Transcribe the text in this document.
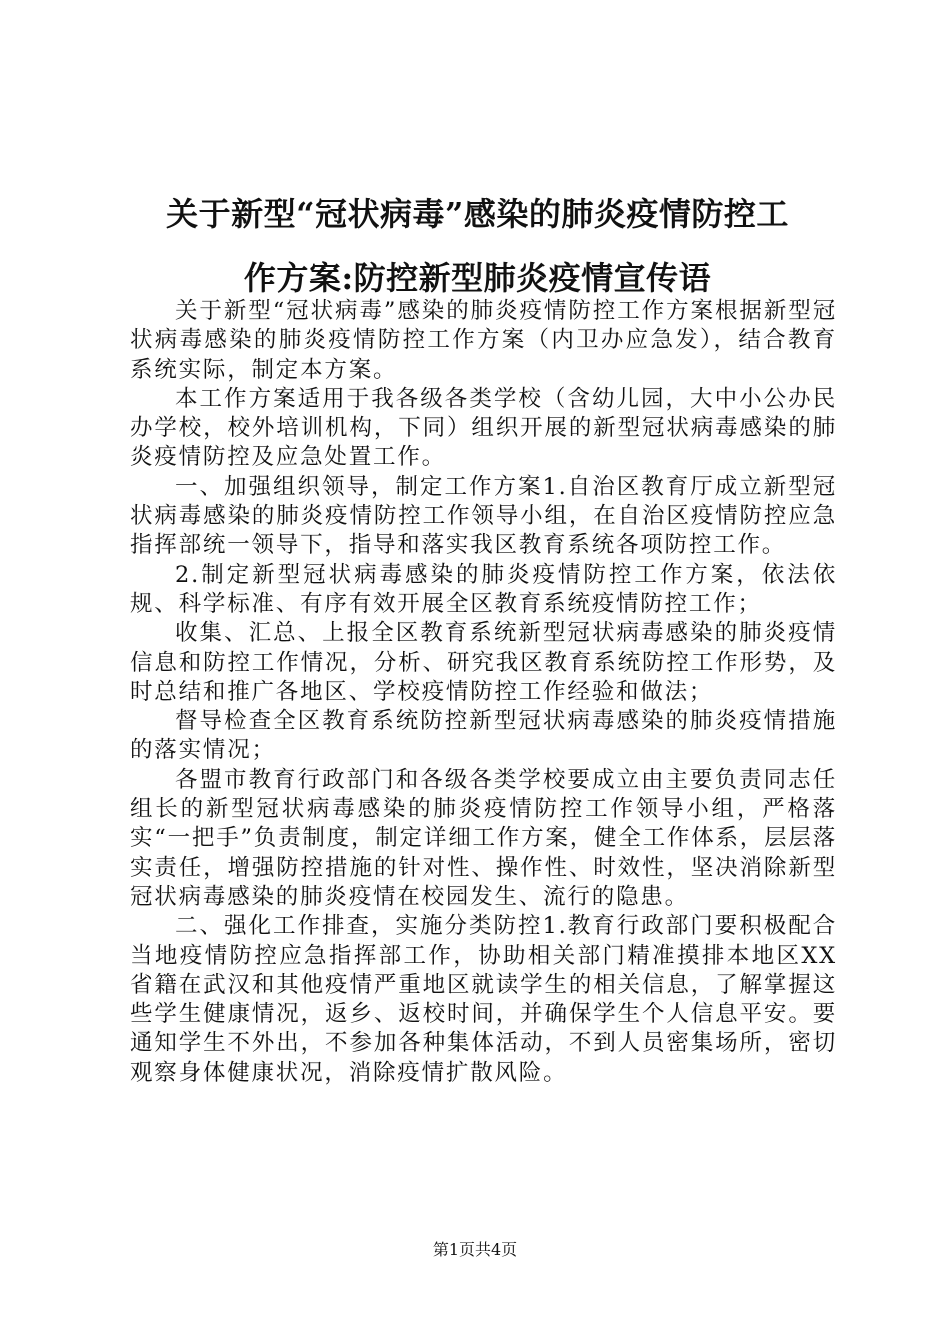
关于新型“冠状病毒”感染的肺炎疫情防控工
作方案:防控新型肺炎疫情宣传语

关于新型“冠状病毒”感染的肺炎疫情防控工作方案根据新型冠状病毒感染的肺炎疫情防控工作方案（内卫办应急发），结合教育系统实际，制定本方案。

本工作方案适用于我各级各类学校（含幼儿园，大中小公办民办学校，校外培训机构，下同）组织开展的新型冠状病毒感染的肺炎疫情防控及应急处置工作。

一、加强组织领导，制定工作方案1.自治区教育厅成立新型冠状病毒感染的肺炎疫情防控工作领导小组，在自治区疫情防控应急指挥部统一领导下，指导和落实我区教育系统各项防控工作。

2.制定新型冠状病毒感染的肺炎疫情防控工作方案，依法依规、科学标准、有序有效开展全区教育系统疫情防控工作；

收集、汇总、上报全区教育系统新型冠状病毒感染的肺炎疫情信息和防控工作情况，分析、研究我区教育系统防控工作形势，及时总结和推广各地区、学校疫情防控工作经验和做法；

督导检查全区教育系统防控新型冠状病毒感染的肺炎疫情措施的落实情况；

各盟市教育行政部门和各级各类学校要成立由主要负责同志任组长的新型冠状病毒感染的肺炎疫情防控工作领导小组，严格落实“一把手”负责制度，制定详细工作方案，健全工作体系，层层落实责任，增强防控措施的针对性、操作性、时效性，坚决消除新型冠状病毒感染的肺炎疫情在校园发生、流行的隐患。

二、强化工作排查，实施分类防控1.教育行政部门要积极配合当地疫情防控应急指挥部工作，协助相关部门精准摸排本地区XX省籍在武汉和其他疫情严重地区就读学生的相关信息，了解掌握这些学生健康情况，返乡、返校时间，并确保学生个人信息平安。要通知学生不外出，不参加各种集体活动，不到人员密集场所，密切观察身体健康状况，消除疫情扩散风险。

第1页共4页
